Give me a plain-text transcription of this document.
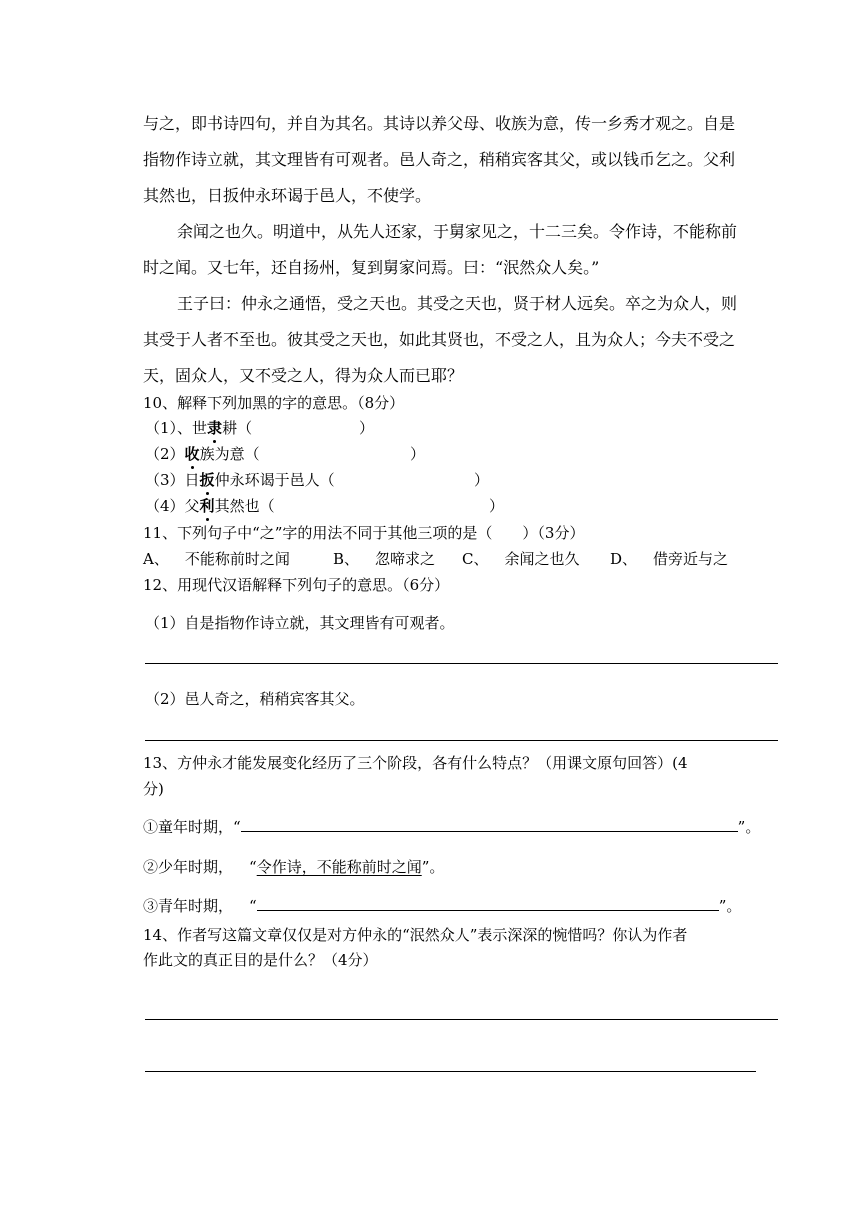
与之，即书诗四句，并自为其名。其诗以养父母、收族为意，传一乡秀才观之。自是
指物作诗立就，其文理皆有可观者。邑人奇之，稍稍宾客其父，或以钱币乞之。父利
其然也，日扳仲永环谒于邑人，不使学。
余闻之也久。明道中，从先人还家，于舅家见之，十二三矣。令作诗，不能称前
时之闻。又七年，还自扬州，复到舅家问焉。曰：“泯然众人矣。”
王子曰：仲永之通悟，受之天也。其受之天也，贤于材人远矣。卒之为众人，则
其受于人者不至也。彼其受之天也，如此其贤也，不受之人，且为众人；今夫不受之
天，固众人，又不受之人，得为众人而已耶？
10、解释下列加黑的字的意思。（8分）
（1）、世隶耕（	）
（2）收族为意（	）
（3）日扳仲永环谒于邑人（	）
（4）父利其然也（	）
11、下列句子中“之”字的用法不同于其他三项的是（　　）（3分）
A、 不能称前时之闻	B、 忽啼求之 C、 余闻之也久 D、 借旁近与之
12、用现代汉语解释下列句子的意思。（6分）
（1）自是指物作诗立就，其文理皆有可观者。
（2）邑人奇之，稍稍宾客其父。
13、方仲永才能发展变化经历了三个阶段，各有什么特点？（用课文原句回答）(4
分)
①童年时期，“	”。
②少年时期， “令作诗，不能称前时之闻”。
③青年时期， “	”。
14、作者写这篇文章仅仅是对方仲永的“泯然众人”表示深深的惋惜吗？你认为作者
作此文的真正目的是什么？（4分）
